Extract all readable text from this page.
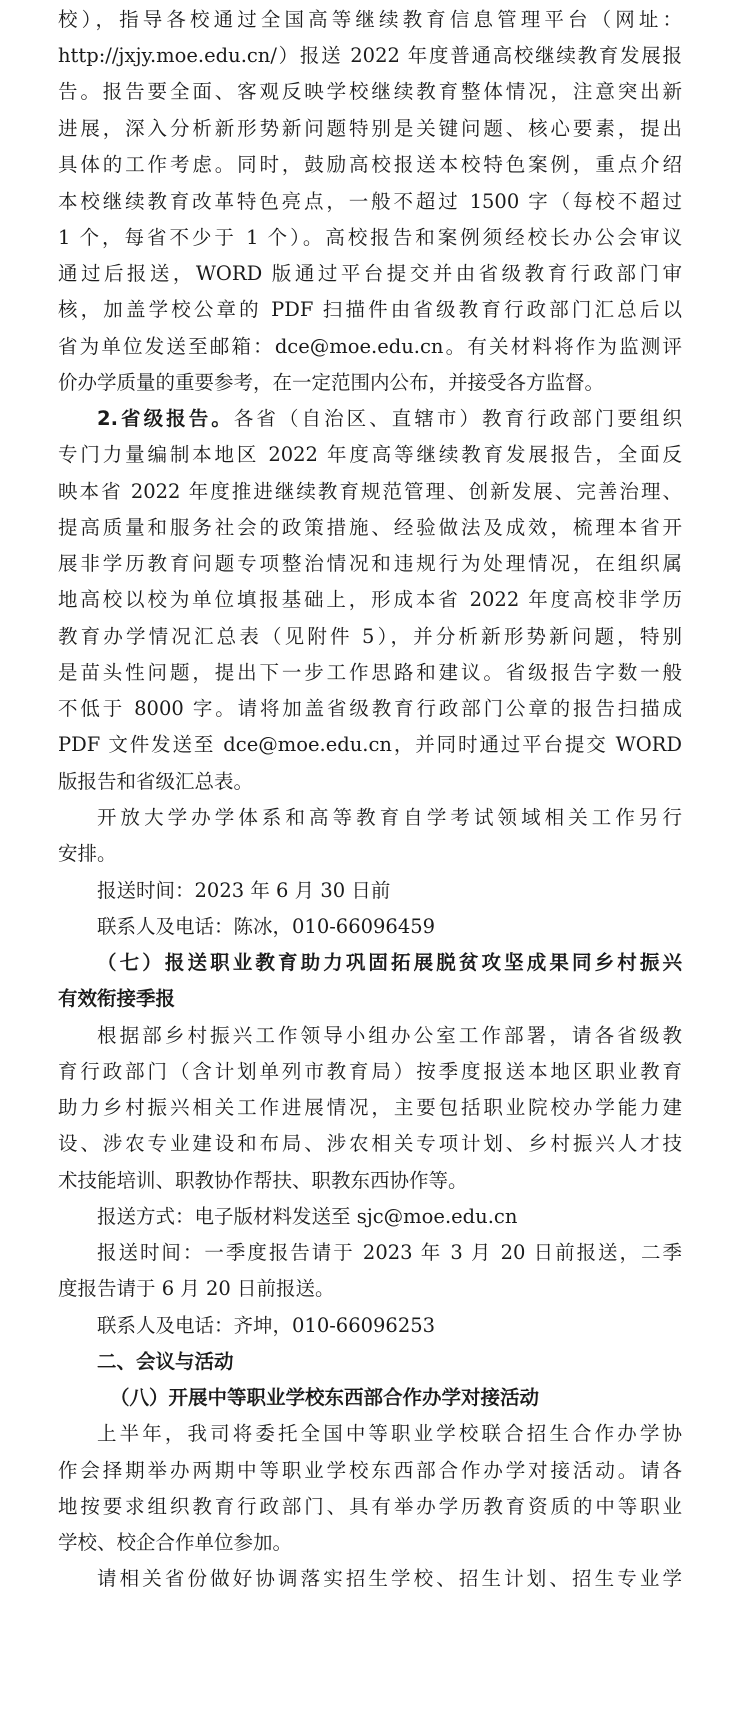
校），指导各校通过全国高等继续教育信息管理平台（网址：
http://jxjy.moe.edu.cn/）报送 2022 年度普通高校继续教育发展报
告。报告要全面、客观反映学校继续教育整体情况，注意突出新
进展，深入分析新形势新问题特别是关键问题、核心要素，提出
具体的工作考虑。同时，鼓励高校报送本校特色案例，重点介绍
本校继续教育改革特色亮点，一般不超过 1500 字（每校不超过
1 个，每省不少于 1 个）。高校报告和案例须经校长办公会审议
通过后报送，WORD 版通过平台提交并由省级教育行政部门审
核，加盖学校公章的 PDF 扫描件由省级教育行政部门汇总后以
省为单位发送至邮箱：dce@moe.edu.cn。有关材料将作为监测评
价办学质量的重要参考，在一定范围内公布，并接受各方监督。
2.省级报告。各省（自治区、直辖市）教育行政部门要组织
专门力量编制本地区 2022 年度高等继续教育发展报告，全面反
映本省 2022 年度推进继续教育规范管理、创新发展、完善治理、
提高质量和服务社会的政策措施、经验做法及成效，梳理本省开
展非学历教育问题专项整治情况和违规行为处理情况，在组织属
地高校以校为单位填报基础上，形成本省 2022 年度高校非学历
教育办学情况汇总表（见附件 5），并分析新形势新问题，特别
是苗头性问题，提出下一步工作思路和建议。省级报告字数一般
不低于 8000 字。请将加盖省级教育行政部门公章的报告扫描成
PDF 文件发送至 dce@moe.edu.cn，并同时通过平台提交 WORD
版报告和省级汇总表。
开放大学办学体系和高等教育自学考试领域相关工作另行
安排。
报送时间：2023 年 6 月 30 日前
联系人及电话：陈冰，010-66096459
（七）报送职业教育助力巩固拓展脱贫攻坚成果同乡村振兴
有效衔接季报
根据部乡村振兴工作领导小组办公室工作部署，请各省级教
育行政部门（含计划单列市教育局）按季度报送本地区职业教育
助力乡村振兴相关工作进展情况，主要包括职业院校办学能力建
设、涉农专业建设和布局、涉农相关专项计划、乡村振兴人才技
术技能培训、职教协作帮扶、职教东西协作等。
报送方式：电子版材料发送至 sjc@moe.edu.cn
报送时间：一季度报告请于 2023 年 3 月 20 日前报送，二季
度报告请于 6 月 20 日前报送。
联系人及电话：齐坤，010-66096253
二、会议与活动
（八）开展中等职业学校东西部合作办学对接活动
上半年，我司将委托全国中等职业学校联合招生合作办学协
作会择期举办两期中等职业学校东西部合作办学对接活动。请各
地按要求组织教育行政部门、具有举办学历教育资质的中等职业
学校、校企合作单位参加。
请相关省份做好协调落实招生学校、招生计划、招生专业学
